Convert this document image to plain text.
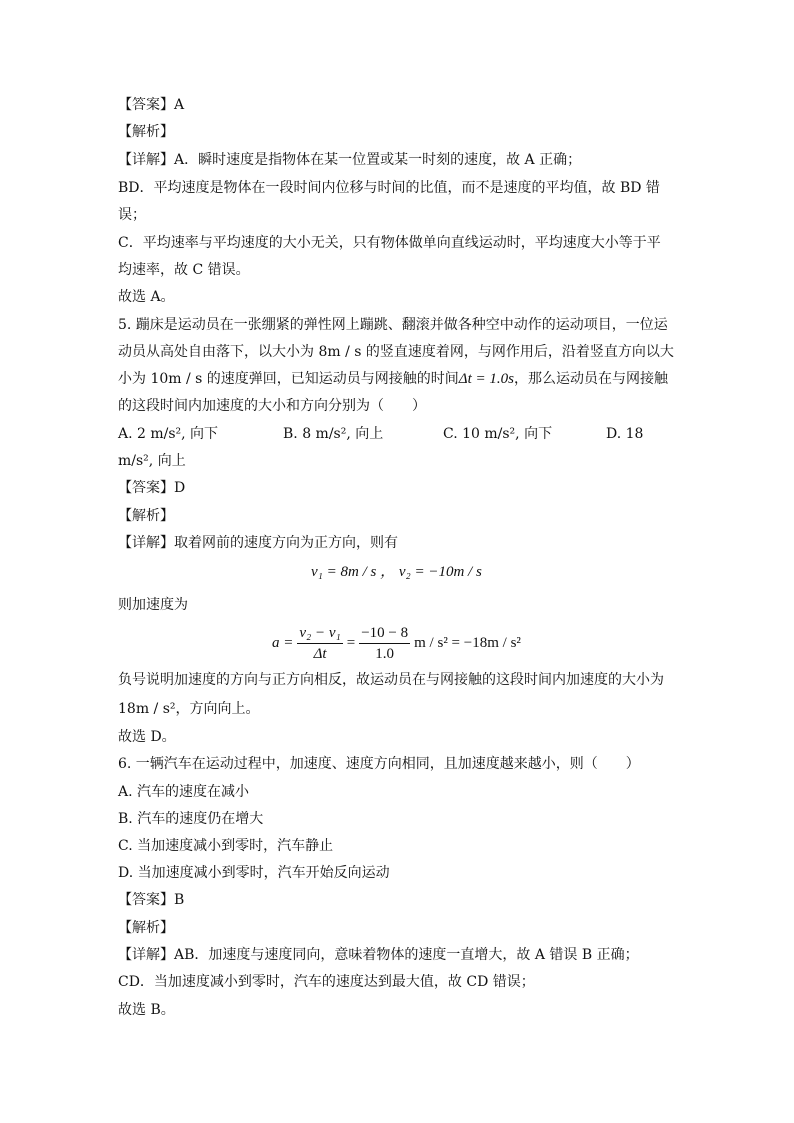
【答案】A
【解析】
【详解】A．瞬时速度是指物体在某一位置或某一时刻的速度，故 A 正确；
BD．平均速度是物体在一段时间内位移与时间的比值，而不是速度的平均值，故 BD 错
误；
C．平均速率与平均速度的大小无关，只有物体做单向直线运动时，平均速度大小等于平
均速率，故 C 错误。
故选 A。
5. 蹦床是运动员在一张绷紧的弹性网上蹦跳、翻滚并做各种空中动作的运动项目，一位运
动员从高处自由落下，以大小为 8m / s 的竖直速度着网，与网作用后，沿着竖直方向以大
小为 10m / s 的速度弹回，已知运动员与网接触的时间Δt = 1.0s，那么运动员在与网接触
的这段时间内加速度的大小和方向分别为（　　）
A. 2 m/s², 向下	B. 8 m/s², 向上	C. 10 m/s², 向下	D. 18
m/s², 向上
【答案】D
【解析】
【详解】取着网前的速度方向为正方向，则有
v₁ = 8m / s ， v₂ = −10m / s
则加速度为
$a = \frac{\text{v₂ − v₁}}{\Delta t} = \frac{-10 - 8}{1.0}$ m / s² = −18m / s²
负号说明加速度的方向与正方向相反，故运动员在与网接触的这段时间内加速度的大小为
18m / s²，方向向上。
故选 D。
6. 一辆汽车在运动过程中，加速度、速度方向相同，且加速度越来越小，则（　　）
A. 汽车的速度在减小
B. 汽车的速度仍在增大
C. 当加速度减小到零时，汽车静止
D. 当加速度减小到零时，汽车开始反向运动
【答案】B
【解析】
【详解】AB．加速度与速度同向，意味着物体的速度一直增大，故 A 错误 B 正确；
CD．当加速度减小到零时，汽车的速度达到最大值，故 CD 错误；
故选 B。
